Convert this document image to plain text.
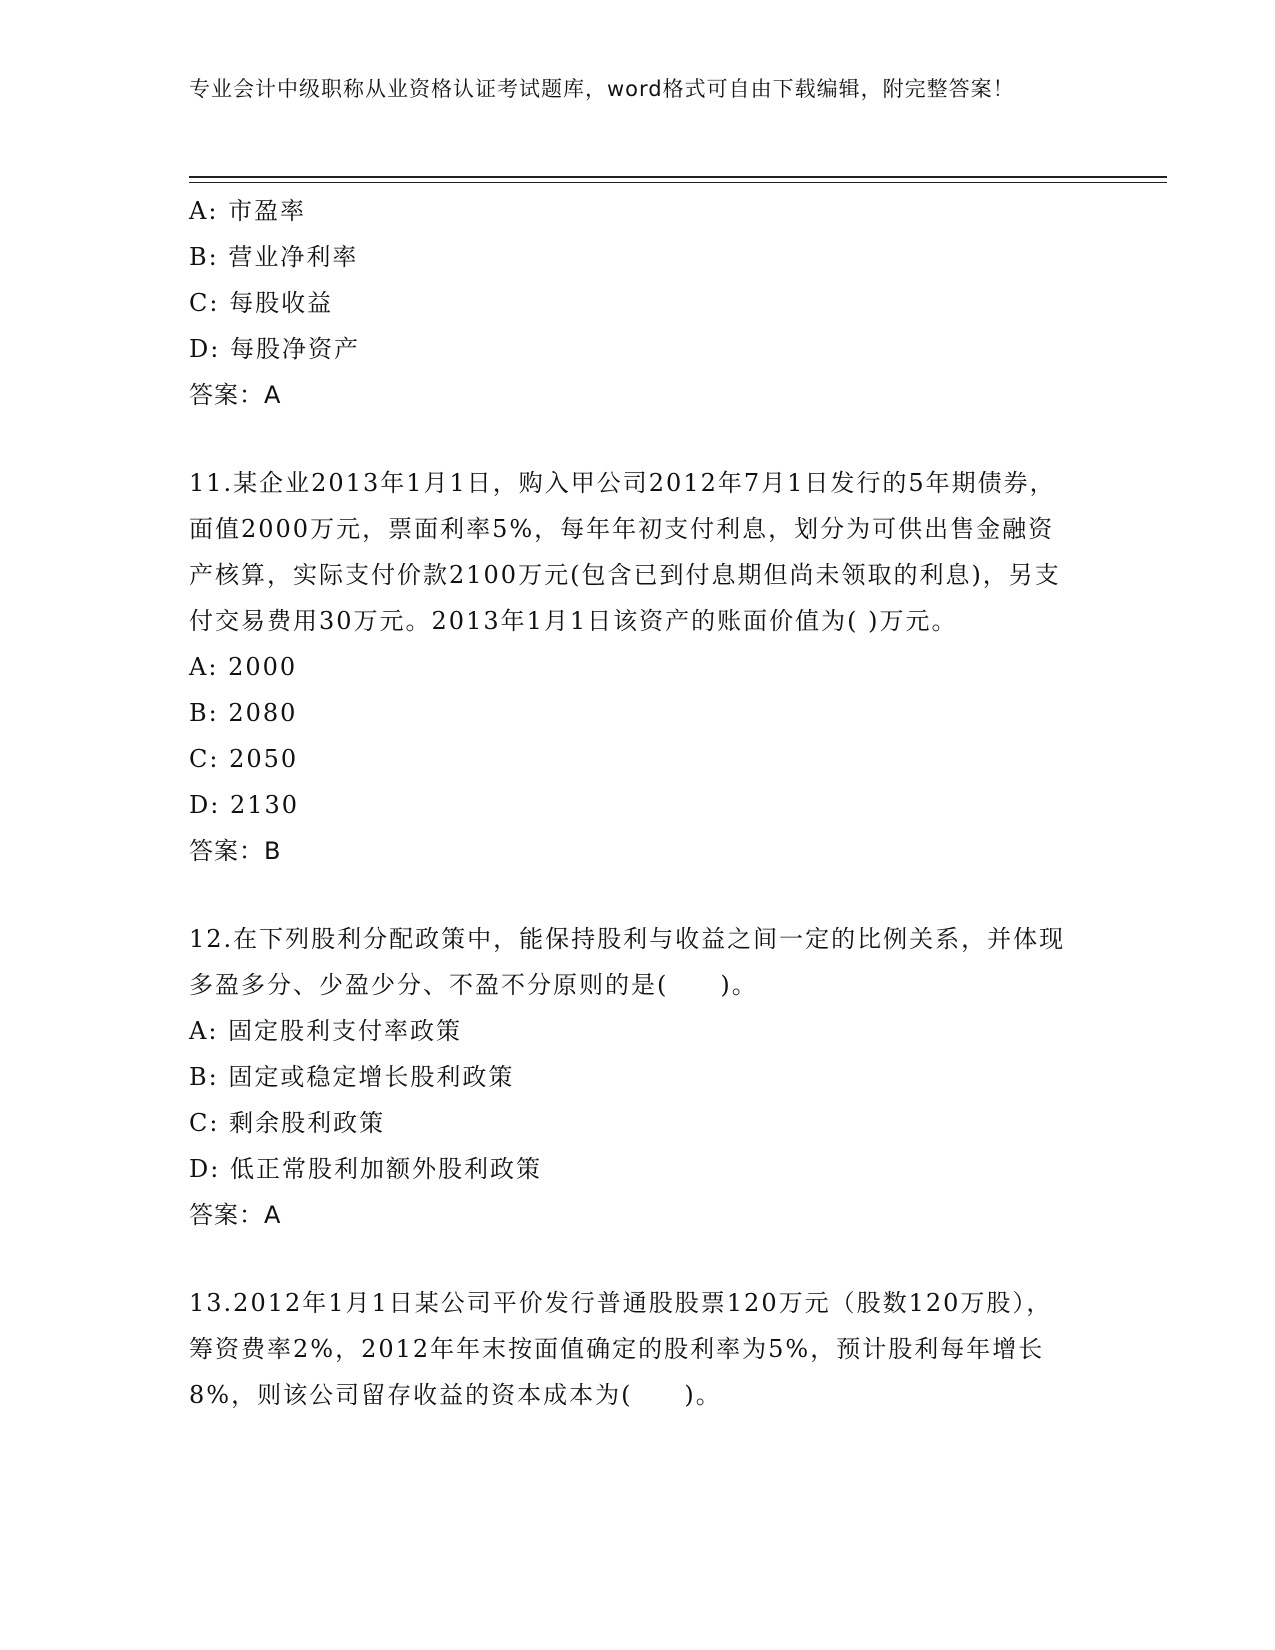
专业会计中级职称从业资格认证考试题库，word格式可自由下载编辑，附完整答案！
A: 市盈率
B: 营业净利率
C: 每股收益
D: 每股净资产
答案：A
11.某企业2013年1月1日，购入甲公司2012年7月1日发行的5年期债券，面值2000万元，票面利率5%，每年年初支付利息，划分为可供出售金融资产核算，实际支付价款2100万元(包含已到付息期但尚未领取的利息)，另支付交易费用30万元。2013年1月1日该资产的账面价值为( )万元。
A: 2000
B: 2080
C: 2050
D: 2130
答案：B
12.在下列股利分配政策中，能保持股利与收益之间一定的比例关系，并体现多盈多分、少盈少分、不盈不分原则的是(　　)。
A: 固定股利支付率政策
B: 固定或稳定增长股利政策
C: 剩余股利政策
D: 低正常股利加额外股利政策
答案：A
13.2012年1月1日某公司平价发行普通股股票120万元（股数120万股），筹资费率2%，2012年年末按面值确定的股利率为5%，预计股利每年增长8%，则该公司留存收益的资本成本为(　　)。
